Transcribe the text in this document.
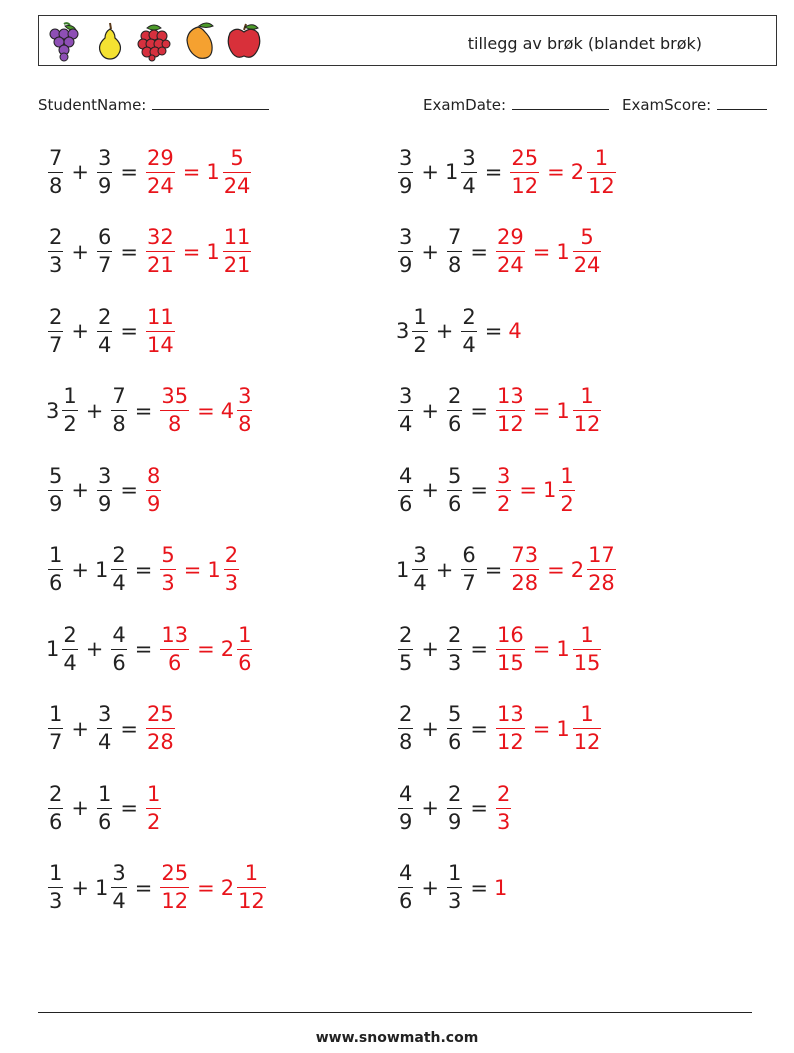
tillegg av brøk (blandet brøk)
StudentName:	ExamDate:	ExamScore:
$\frac{7}{8} + \frac{3}{9} = \frac{29}{24} = 1 \frac{5}{24}$	$\frac{3}{9} + 1 \frac{3}{4} = \frac{25}{12} = 2 \frac{1}{12}$
$\frac{2}{3} + \frac{6}{7} = \frac{32}{21} = 1 \frac{11}{21}$	$\frac{3}{9} + \frac{7}{8} = \frac{29}{24} = 1 \frac{5}{24}$
$\frac{2}{7} + \frac{2}{4} = \frac{11}{14}$	$3 \frac{1}{2} + \frac{2}{4} = 4$
$3 \frac{1}{2} + \frac{7}{8} = \frac{35}{8} = 4 \frac{3}{8}$	$\frac{3}{4} + \frac{2}{6} = \frac{13}{12} = 1 \frac{1}{12}$
$\frac{5}{9} + \frac{3}{9} = \frac{8}{9}$	$\frac{4}{6} + \frac{5}{6} = \frac{3}{2} = 1 \frac{1}{2}$
$\frac{1}{6} + 1 \frac{2}{4} = \frac{5}{3} = 1 \frac{2}{3}$	$1 \frac{3}{4} + \frac{6}{7} = \frac{73}{28} = 2 \frac{17}{28}$
$1 \frac{2}{4} + \frac{4}{6} = \frac{13}{6} = 2 \frac{1}{6}$	$\frac{2}{5} + \frac{2}{3} = \frac{16}{15} = 1 \frac{1}{15}$
$\frac{1}{7} + \frac{3}{4} = \frac{25}{28}$	$\frac{2}{8} + \frac{5}{6} = \frac{13}{12} = 1 \frac{1}{12}$
$\frac{2}{6} + \frac{1}{6} = \frac{1}{2}$	$\frac{4}{9} + \frac{2}{9} = \frac{2}{3}$
$\frac{1}{3} + 1 \frac{3}{4} = \frac{25}{12} = 2 \frac{1}{12}$	$\frac{4}{6} + \frac{1}{3} = 1$
www.snowmath.com
